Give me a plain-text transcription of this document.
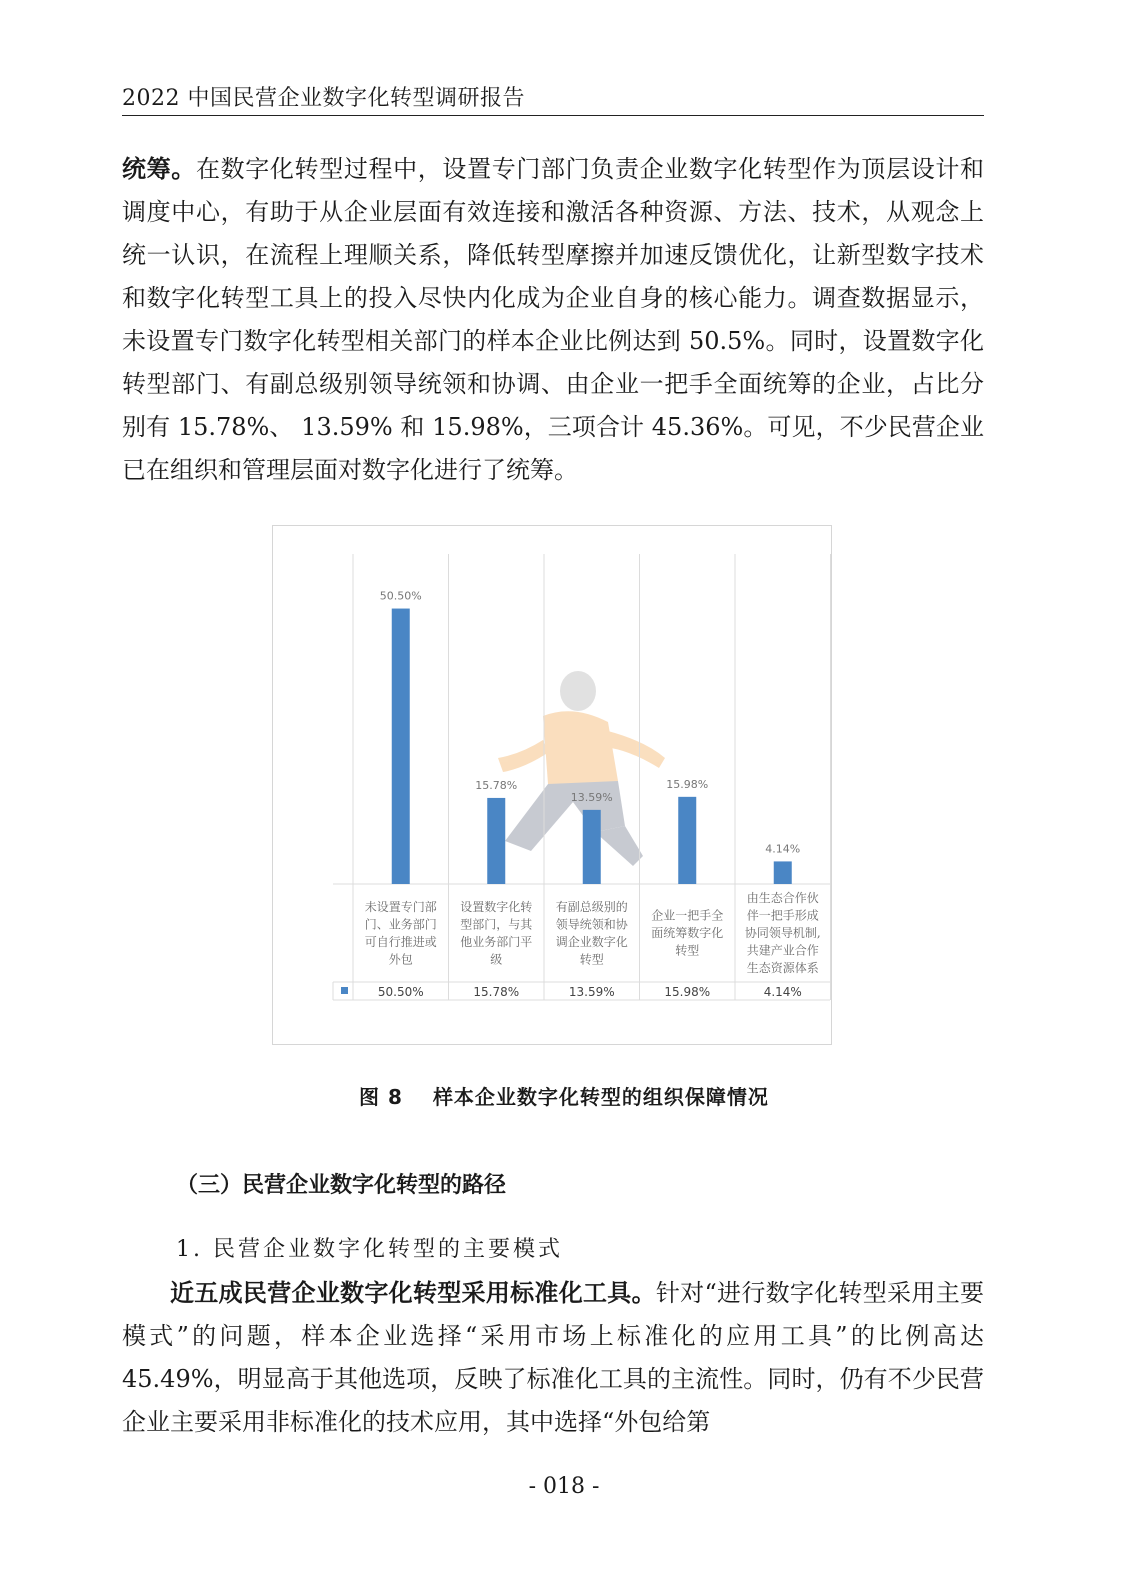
2022 中国民营企业数字化转型调研报告
统筹。在数字化转型过程中，设置专门部门负责企业数字化转型作为顶层设计和调度中心，有助于从企业层面有效连接和激活各种资源、方法、技术，从观念上统一认识，在流程上理顺关系，降低转型摩擦并加速反馈优化，让新型数字技术和数字化转型工具上的投入尽快内化成为企业自身的核心能力。调查数据显示，未设置专门数字化转型相关部门的样本企业比例达到 50.5%。同时，设置数字化转型部门、有副总级别领导统领和协调、由企业一把手全面统筹的企业，占比分别有 15.78%、 13.59% 和 15.98%，三项合计 45.36%。可见，不少民营企业已在组织和管理层面对数字化进行了统筹。
50.50%
未设置专门部门、业务部门可自行推进或外包
50.50%
15.78%
设置数字化转型部门，与其他业务部门平级
15.78%
13.59%
有副总级别的领导统领和协调企业数字化转型
13.59%
15.98%
企业一把手全面统筹数字化转型
15.98%
4.14%
由生态合作伙伴一把手形成协同领导机制,共建产业合作生态资源体系
4.14%
图 8 样本企业数字化转型的组织保障情况
（三）民营企业数字化转型的路径
1. 民营企业数字化转型的主要模式
近五成民营企业数字化转型采用标准化工具。针对“进行数字化转型采用主要模式”的问题，样本企业选择“采用市场上标准化的应用工具”的比例高达 45.49%，明显高于其他选项，反映了标准化工具的主流性。同时，仍有不少民营企业主要采用非标准化的技术应用，其中选择“外包给第
- 018 -
